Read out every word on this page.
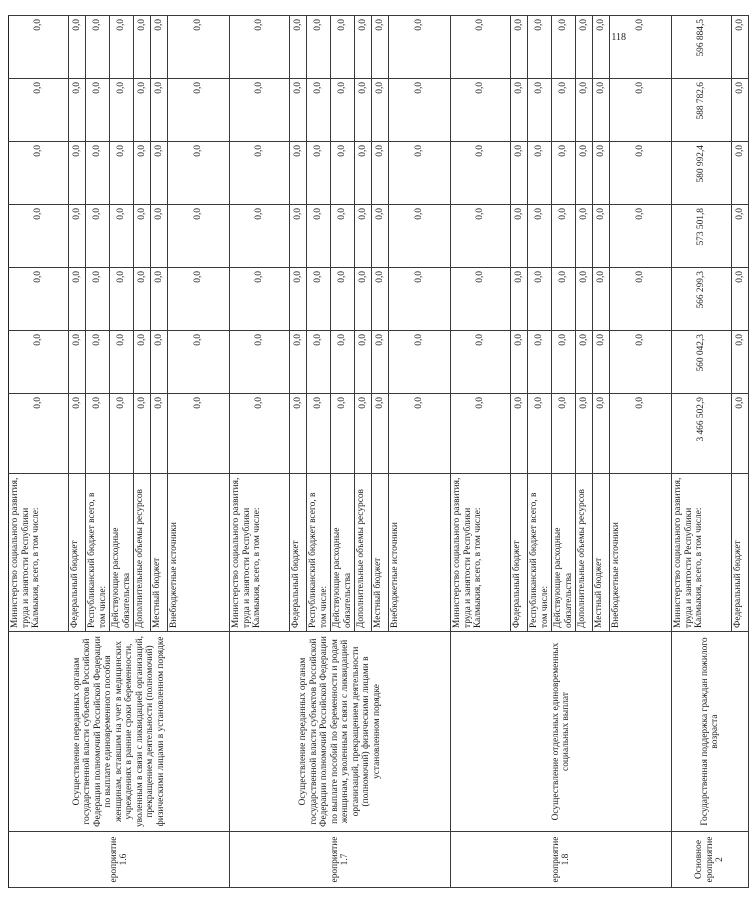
118
ероприятие 1.6	Осуществление переданных органам государственной власти субъектов Российской Федерации полномочий Российской Федерации по выплате единовременного пособия женщинам, вставшим на учет в медицинских учреждениях в ранние сроки беременности, уволенным в связи с ликвидацией организаций, прекращением деятельности (полномочий) физическими лицами в установленном порядке	Министерство социального развития, труда и занятости Республики Калмыкия, всего, в том числе:	0,0	0,0	0,0	0,0	0,0	0,0	0,0
		Федеральный бюджет	0,0	0,0	0,0	0,0	0,0	0,0	0,0
		Республиканский бюджет всего, в том числе:	0,0	0,0	0,0	0,0	0,0	0,0	0,0
		Действующие расходные обязательства	0,0	0,0	0,0	0,0	0,0	0,0	0,0
		Дополнительные объемы ресурсов	0,0	0,0	0,0	0,0	0,0	0,0	0,0
		Местный бюджет	0,0	0,0	0,0	0,0	0,0	0,0	0,0
		Внебюджетные источники	0,0	0,0	0,0	0,0	0,0	0,0	0,0
ероприятие 1.7	Осуществление переданных органам государственной власти субъектов Российской Федерации полномочий Российской Федерации по выплате пособий по беременности и родам женщинам, уволенным в связи с ликвидацией организаций, прекращением деятельности (полномочий) физическими лицами в установленном порядке	Министерство социального развития, труда и занятости Республики Калмыкия, всего, в том числе:	0,0	0,0	0,0	0,0	0,0	0,0	0,0
		Федеральный бюджет	0,0	0,0	0,0	0,0	0,0	0,0	0,0
		Республиканский бюджет всего, в том числе:	0,0	0,0	0,0	0,0	0,0	0,0	0,0
		Действующие расходные обязательства	0,0	0,0	0,0	0,0	0,0	0,0	0,0
		Дополнительные объемы ресурсов	0,0	0,0	0,0	0,0	0,0	0,0	0,0
		Местный бюджет	0,0	0,0	0,0	0,0	0,0	0,0	0,0
		Внебюджетные источники	0,0	0,0	0,0	0,0	0,0	0,0	0,0
ероприятие 1.8	Осуществление отдельных единовременных социальных выплат	Министерство социального развития, труда и занятости Республики Калмыкия, всего, в том числе:	0,0	0,0	0,0	0,0	0,0	0,0	0,0
		Федеральный бюджет	0,0	0,0	0,0	0,0	0,0	0,0	0,0
		Республиканский бюджет всего, в том числе:	0,0	0,0	0,0	0,0	0,0	0,0	0,0
		Действующие расходные обязательства	0,0	0,0	0,0	0,0	0,0	0,0	0,0
		Дополнительные объемы ресурсов	0,0	0,0	0,0	0,0	0,0	0,0	0,0
		Местный бюджет	0,0	0,0	0,0	0,0	0,0	0,0	0,0
		Внебюджетные источники	0,0	0,0	0,0	0,0	0,0	0,0	0,0
Основное ероприятие 2	Государственная поддержка граждан пожилого возраста	Министерство социального развития, труда и занятости Республики Калмыкия, всего, в том числе:	3 466 502,9	560 042,3	566 299,3	573 501,8	580 992,4	588 782,6	596 884,5
		Федеральный бюджет	0,0	0,0	0,0	0,0	0,0	0,0	0,0
